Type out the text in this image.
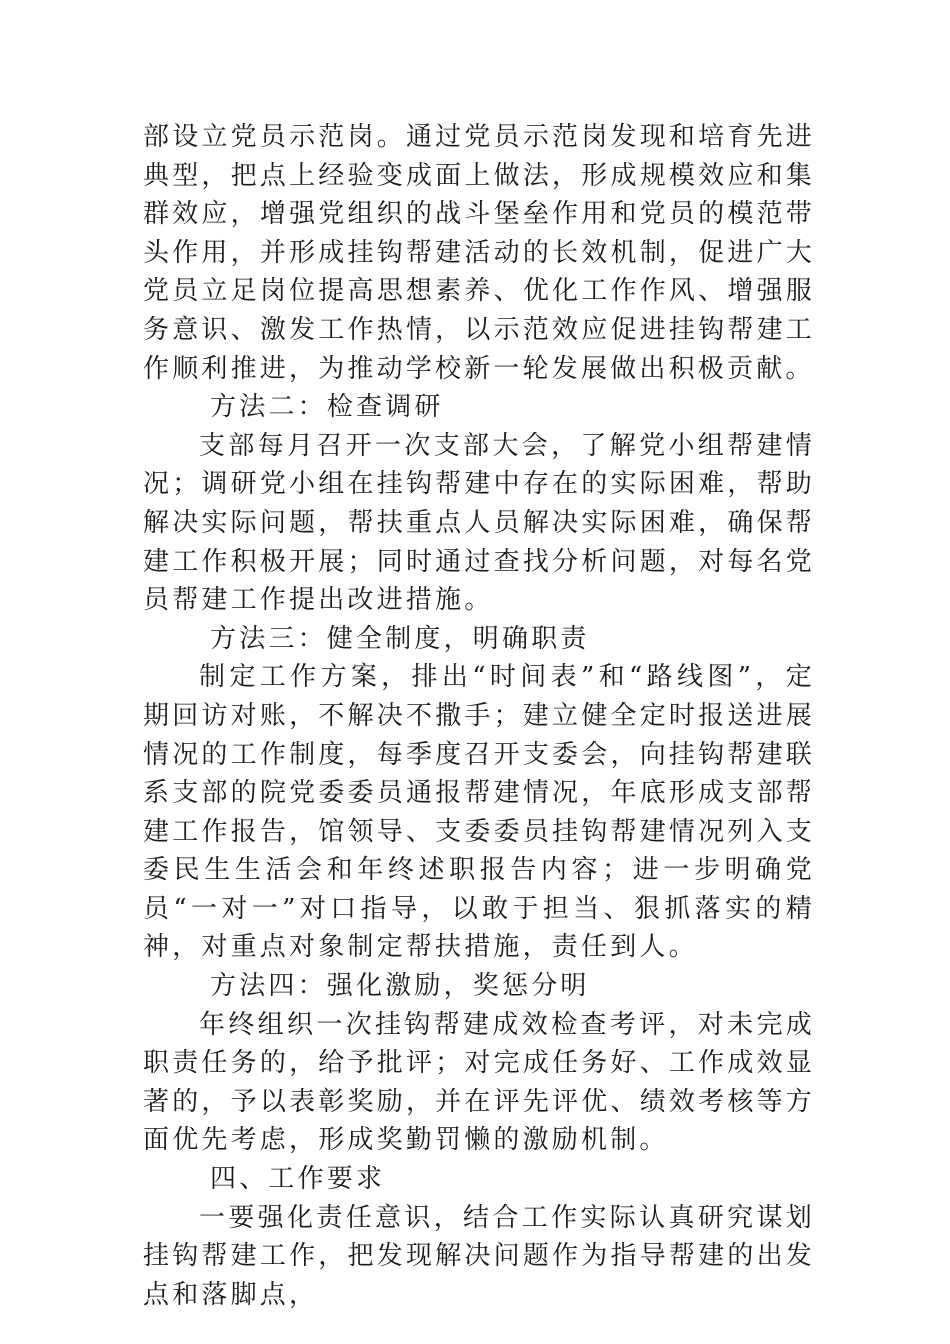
部设立党员示范岗。通过党员示范岗发现和培育先进典型，把点上经验变成面上做法，形成规模效应和集群效应，增强党组织的战斗堡垒作用和党员的模范带头作用，并形成挂钩帮建活动的长效机制，促进广大党员立足岗位提高思想素养、优化工作作风、增强服务意识、激发工作热情，以示范效应促进挂钩帮建工作顺利推进，为推动学校新一轮发展做出积极贡献。

方法二：检查调研

支部每月召开一次支部大会，了解党小组帮建情况；调研党小组在挂钩帮建中存在的实际困难，帮助解决实际问题，帮扶重点人员解决实际困难，确保帮建工作积极开展；同时通过查找分析问题，对每名党员帮建工作提出改进措施。

方法三：健全制度，明确职责

制定工作方案，排出“时间表”和“路线图”，定期回访对账，不解决不撒手；建立健全定时报送进展情况的工作制度，每季度召开支委会，向挂钩帮建联系支部的院党委委员通报帮建情况，年底形成支部帮建工作报告，馆领导、支委委员挂钩帮建情况列入支委民生生活会和年终述职报告内容；进一步明确党员“一对一”对口指导，以敢于担当、狠抓落实的精神，对重点对象制定帮扶措施，责任到人。

方法四：强化激励，奖惩分明

年终组织一次挂钩帮建成效检查考评，对未完成职责任务的，给予批评；对完成任务好、工作成效显著的，予以表彰奖励，并在评先评优、绩效考核等方面优先考虑，形成奖勤罚懒的激励机制。

四、工作要求

一要强化责任意识，结合工作实际认真研究谋划挂钩帮建工作，把发现解决问题作为指导帮建的出发点和落脚点，
